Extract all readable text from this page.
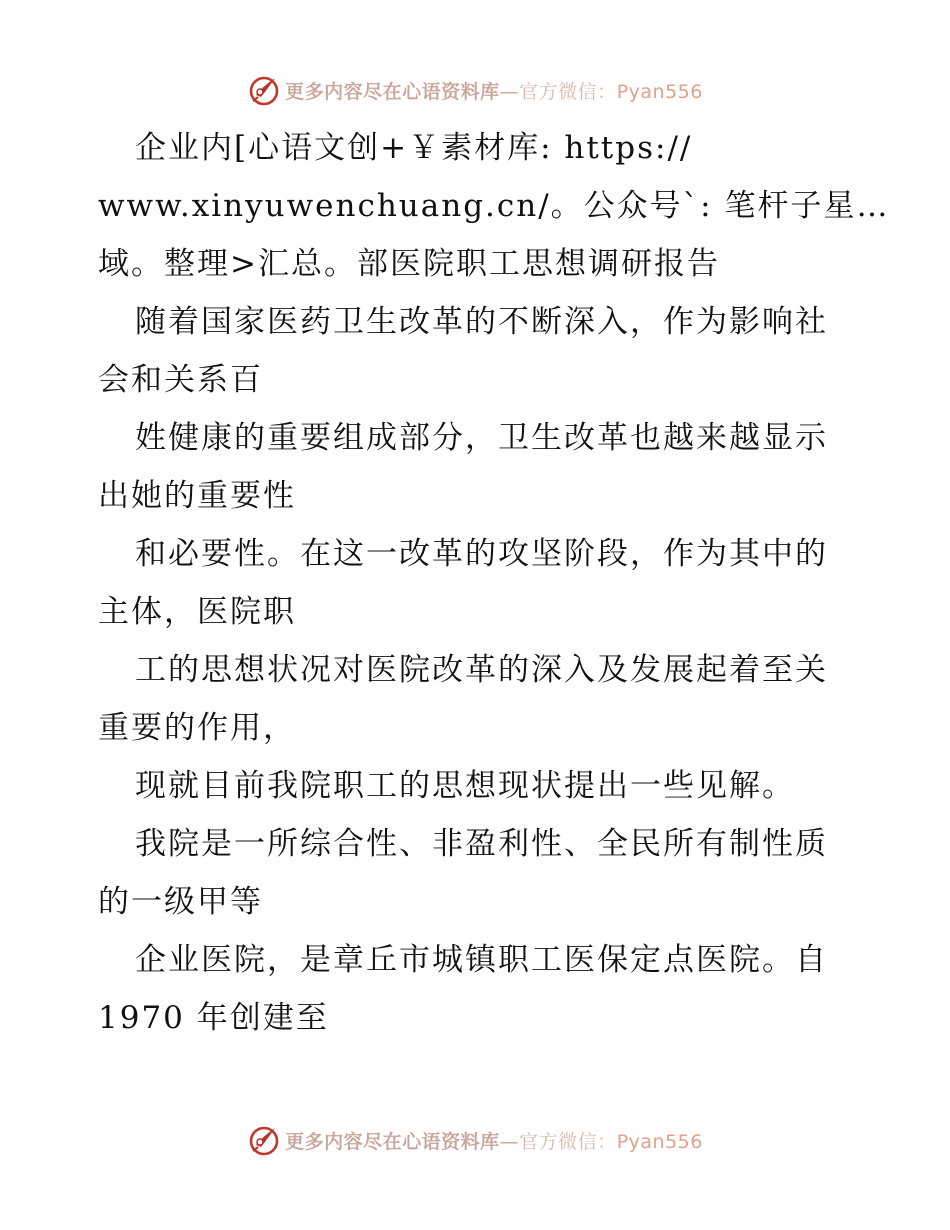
更多内容尽在心语资料库—官方微信：Pyan556
企业内[心语文创+￥素材库: https://
www.xinyuwenchuang.cn/。公众号`: 笔杆子星…
域。整理>汇总。部医院职工思想调研报告
随着国家医药卫生改革的不断深入，作为影响社
会和关系百
姓健康的重要组成部分，卫生改革也越来越显示
出她的重要性
和必要性。在这一改革的攻坚阶段，作为其中的
主体，医院职
工的思想状况对医院改革的深入及发展起着至关
重要的作用，
现就目前我院职工的思想现状提出一些见解。
我院是一所综合性、非盈利性、全民所有制性质
的一级甲等
企业医院，是章丘市城镇职工医保定点医院。自
1970 年创建至
更多内容尽在心语资料库—官方微信：Pyan556
